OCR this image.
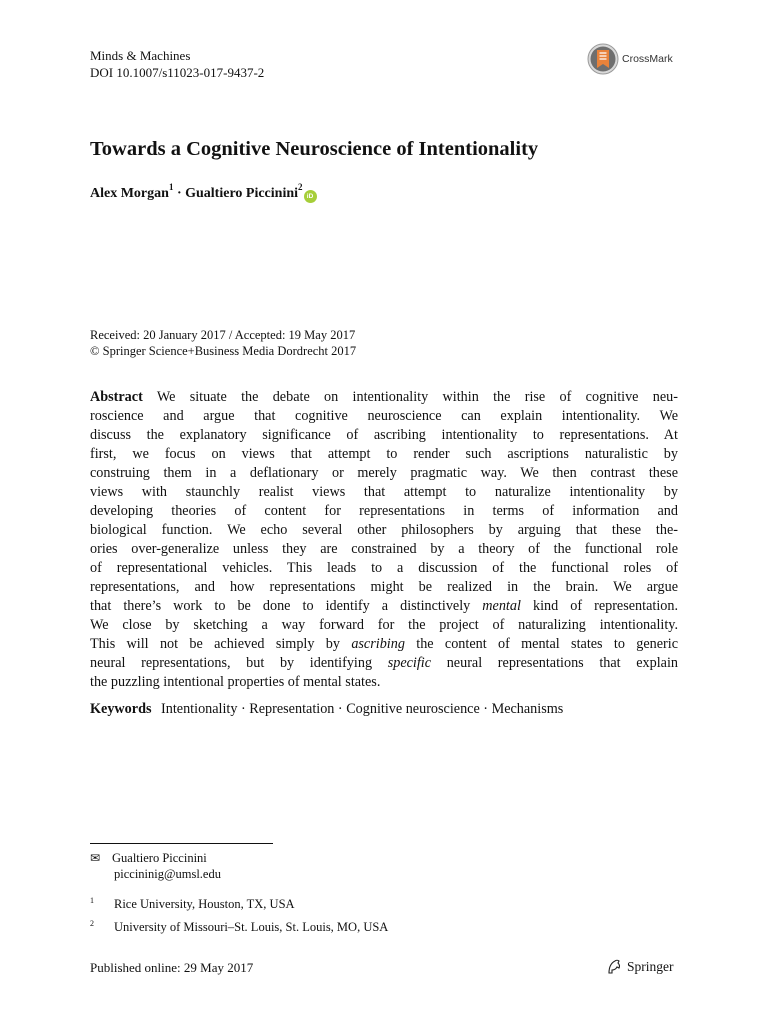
Minds & Machines
DOI 10.1007/s11023-017-9437-2
CrossMark
Towards a Cognitive Neuroscience of Intentionality
Alex Morgan$^1$ · Gualtiero Piccinini$^2$iD
Received: 20 January 2017 / Accepted: 19 May 2017
© Springer Science+Business Media Dordrecht 2017
Abstract We situate the debate on intentionality within the rise of cognitive neu-
roscience and argue that cognitive neuroscience can explain intentionality. We
discuss the explanatory significance of ascribing intentionality to representations. At
first, we focus on views that attempt to render such ascriptions naturalistic by
construing them in a deflationary or merely pragmatic way. We then contrast these
views with staunchly realist views that attempt to naturalize intentionality by
developing theories of content for representations in terms of information and
biological function. We echo several other philosophers by arguing that these the-
ories over-generalize unless they are constrained by a theory of the functional role
of representational vehicles. This leads to a discussion of the functional roles of
representations, and how representations might be realized in the brain. We argue
that there’s work to be done to identify a distinctively mental kind of representation.
We close by sketching a way forward for the project of naturalizing intentionality.
This will not be achieved simply by ascribing the content of mental states to generic
neural representations, but by identifying specific neural representations that explain
the puzzling intentional properties of mental states.
Keywords Intentionality · Representation · Cognitive neuroscience · Mechanisms
✉ Gualtiero Piccinini
piccininig@umsl.edu
1 Rice University, Houston, TX, USA
2 University of Missouri–St. Louis, St. Louis, MO, USA
Published online: 29 May 2017	Springer
